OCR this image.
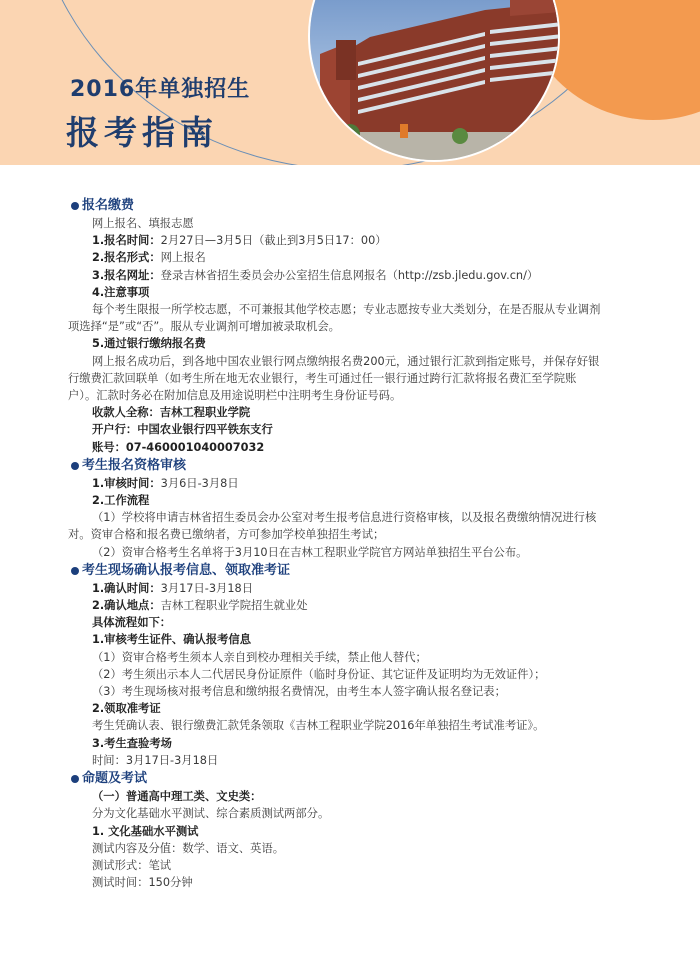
2016年单独招生
报考指南
报名缴费
网上报名、填报志愿
1.报名时间：2月27日—3月5日（截止到3月5日17：00）
2.报名形式：网上报名
3.报名网址：登录吉林省招生委员会办公室招生信息网报名（http://zsb.jledu.gov.cn/）
4.注意事项
每个考生限报一所学校志愿，不可兼报其他学校志愿；专业志愿按专业大类划分，在是否服从专业调剂
项选择“是”或“否”。服从专业调剂可增加被录取机会。
5.通过银行缴纳报名费
网上报名成功后，到各地中国农业银行网点缴纳报名费200元，通过银行汇款到指定账号，并保存好银
行缴费汇款回联单（如考生所在地无农业银行，考生可通过任一银行通过跨行汇款将报名费汇至学院账
户）。汇款时务必在附加信息及用途说明栏中注明考生身份证号码。
收款人全称：吉林工程职业学院
开户行：中国农业银行四平铁东支行
账号：07-460001040007032
考生报名资格审核
1.审核时间：3月6日-3月8日
2.工作流程
（1）学校将申请吉林省招生委员会办公室对考生报考信息进行资格审核，以及报名费缴纳情况进行核
对。资审合格和报名费已缴纳者，方可参加学校单独招生考试；
（2）资审合格考生名单将于3月10日在吉林工程职业学院官方网站单独招生平台公布。
考生现场确认报考信息、领取准考证
1.确认时间：3月17日-3月18日
2.确认地点：吉林工程职业学院招生就业处
具体流程如下：
1.审核考生证件、确认报考信息
（1）资审合格考生须本人亲自到校办理相关手续，禁止他人替代；
（2）考生须出示本人二代居民身份证原件（临时身份证、其它证件及证明均为无效证件）；
（3）考生现场核对报考信息和缴纳报名费情况，由考生本人签字确认报名登记表；
2.领取准考证
考生凭确认表、银行缴费汇款凭条领取《吉林工程职业学院2016年单独招生考试准考证》。
3.考生查验考场
时间：3月17日-3月18日
命题及考试
（一）普通高中理工类、文史类：
分为文化基础水平测试、综合素质测试两部分。
1. 文化基础水平测试
测试内容及分值：数学、语文、英语。
测试形式：笔试
测试时间：150分钟
